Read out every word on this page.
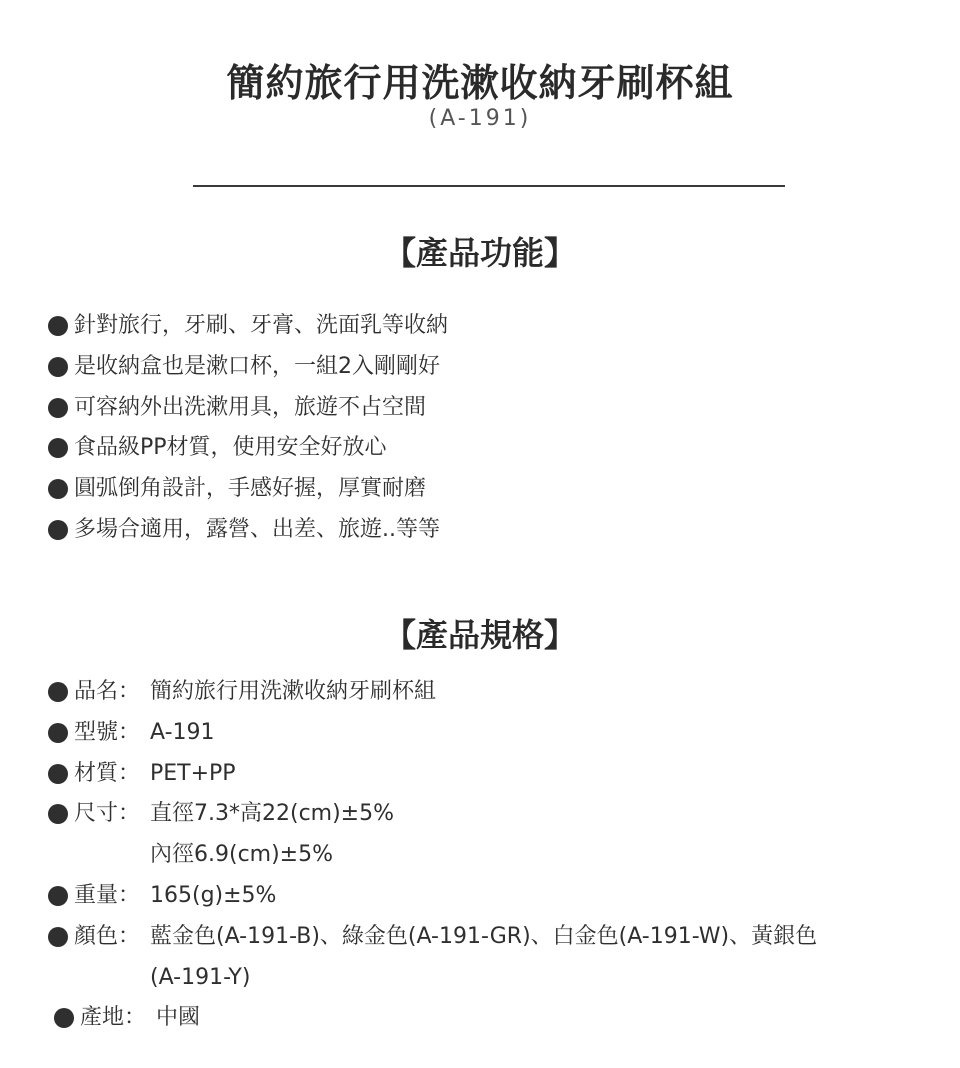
簡約旅行用洗漱收納牙刷杯組
(A-191)
【產品功能】
針對旅行，牙刷、牙膏、洗面乳等收納
是收納盒也是漱口杯，一組2入剛剛好
可容納外出洗漱用具，旅遊不占空間
食品級PP材質，使用安全好放心
圓弧倒角設計，手感好握，厚實耐磨
多場合適用，露營、出差、旅遊..等等
【產品規格】
品名： 簡約旅行用洗漱收納牙刷杯組
型號： A-191
材質： PET+PP
尺寸： 直徑7.3*高22(cm)±5%
內徑6.9(cm)±5%
重量： 165(g)±5%
顏色： 藍金色(A-191-B)、綠金色(A-191-GR)、白金色(A-191-W)、黃銀色
(A-191-Y)
產地： 中國
